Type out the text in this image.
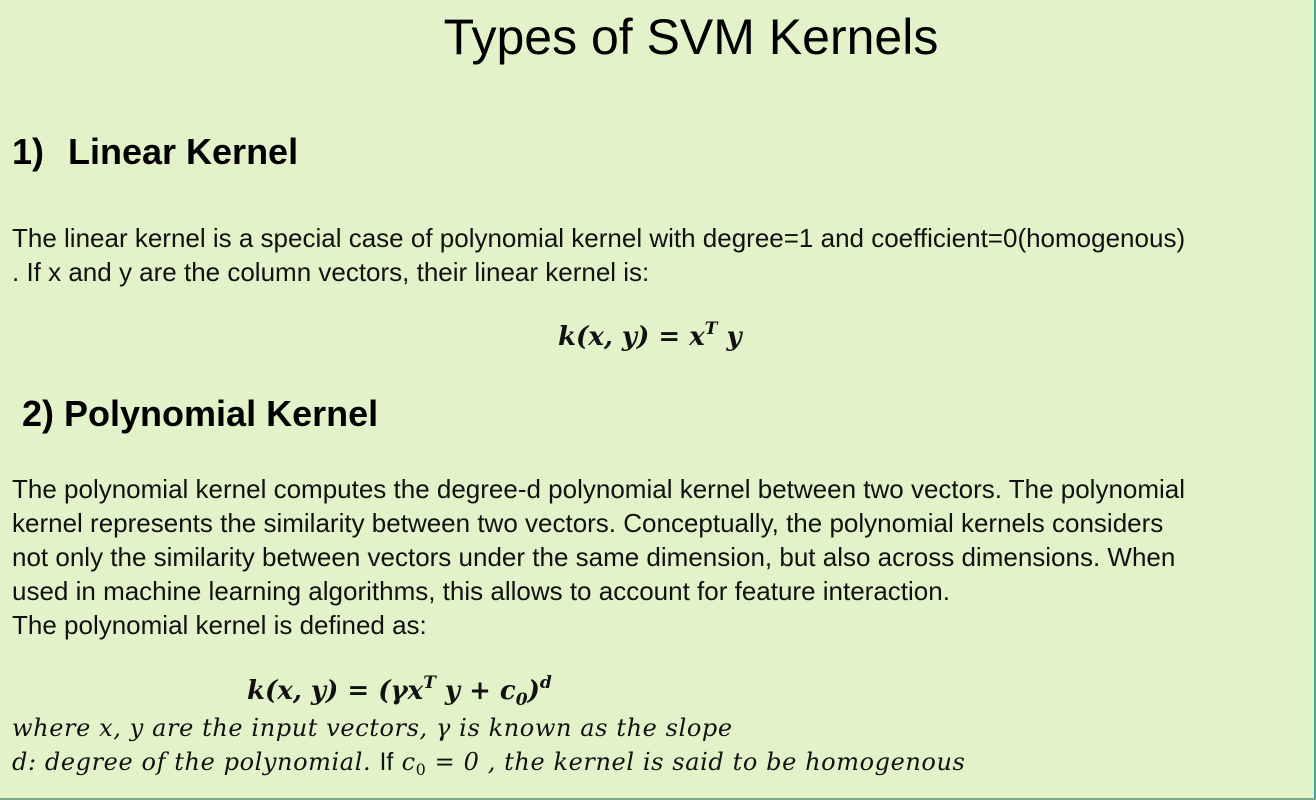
Types of SVM Kernels
1) Linear Kernel
The linear kernel is a special case of polynomial kernel with degree=1 and coefficient=0(homogenous)
. If x and y are the column vectors, their linear kernel is:
k(x, $y) = x^T$ y
2) Polynomial Kernel
The polynomial kernel computes the degree-d polynomial kernel between two vectors. The polynomial
kernel represents the similarity between two vectors. Conceptually, the polynomial kernels considers
not only the similarity between vectors under the same dimension, but also across dimensions. When
used in machine learning algorithms, this allows to account for feature interaction.
The polynomial kernel is defined as:
k(x, $y) = (\gamma x^T$ $y + c_0)^d$
where x, y are the input vectors, γ is known as the slope
d: degree of the polynomial. If $c_0 = 0$ , the kernel is said to be homogenous
